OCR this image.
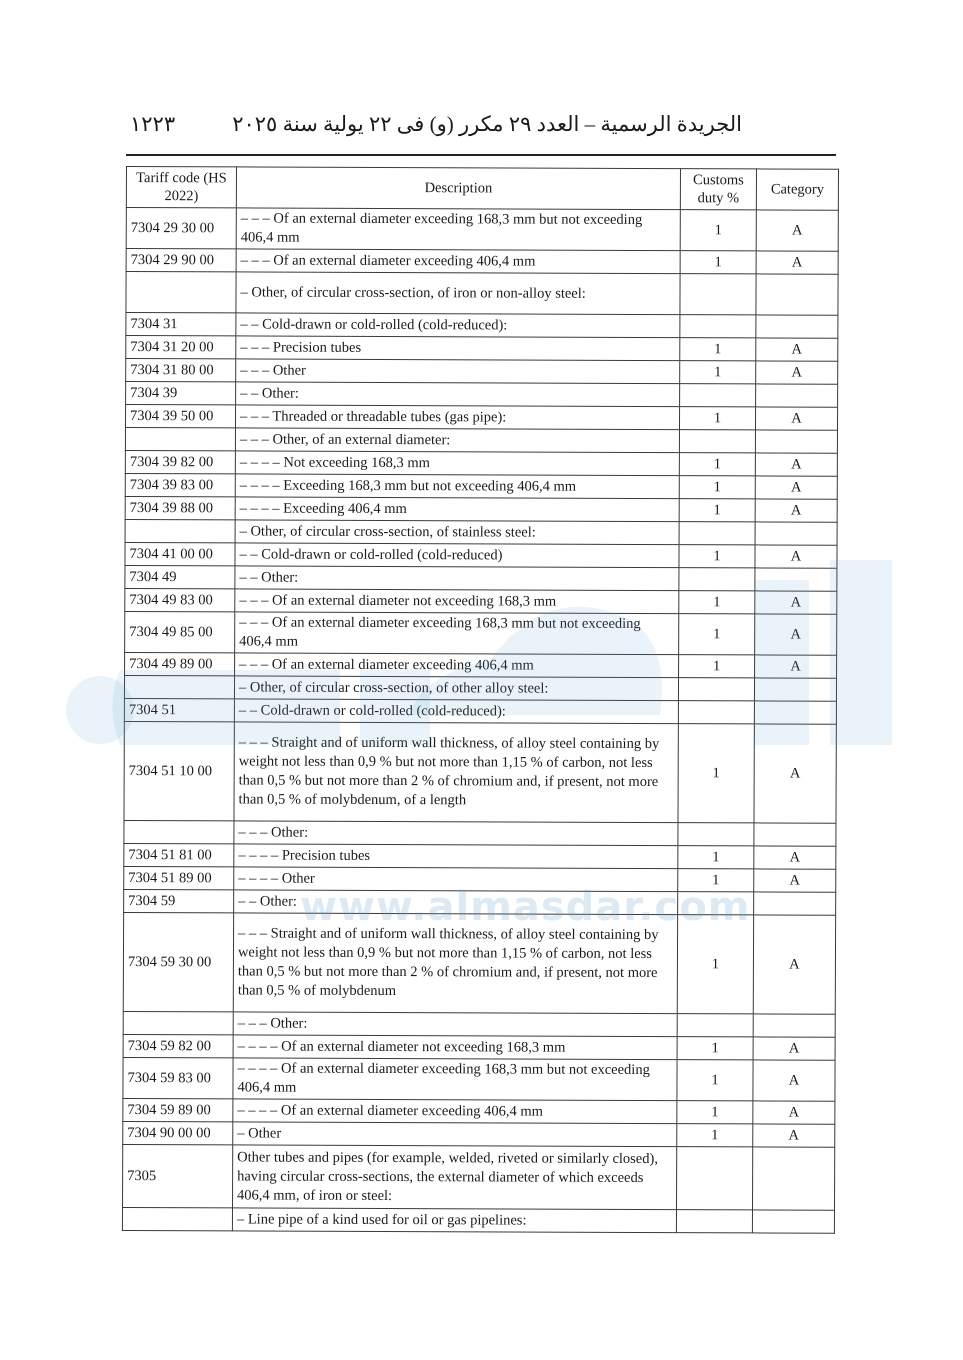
الجريدة الرسمية – العدد ٢٩ مكرر (و) فى ٢٢ يولية سنة ٢٠٢٥
١٢٢٣
Tariff code (HS 2022)	Description	Customs duty %	Category
7304 29 30 00	– – – Of an external diameter exceeding 168,3 mm but not exceeding 406,4 mm	1	A
7304 29 90 00	– – – Of an external diameter exceeding 406,4 mm	1	A
	– Other, of circular cross-section, of iron or non-alloy steel:		
7304 31	– – Cold-drawn or cold-rolled (cold-reduced):		
7304 31 20 00	– – – Precision tubes	1	A
7304 31 80 00	– – – Other	1	A
7304 39	– – Other:		
7304 39 50 00	– – – Threaded or threadable tubes (gas pipe):	1	A
	– – – Other, of an external diameter:		
7304 39 82 00	– – – – Not exceeding 168,3 mm	1	A
7304 39 83 00	– – – – Exceeding 168,3 mm but not exceeding 406,4 mm	1	A
7304 39 88 00	– – – – Exceeding 406,4 mm	1	A
	– Other, of circular cross-section, of stainless steel:		
7304 41 00 00	– – Cold-drawn or cold-rolled (cold-reduced)	1	A
7304 49	– – Other:		
7304 49 83 00	– – – Of an external diameter not exceeding 168,3 mm	1	A
7304 49 85 00	– – – Of an external diameter exceeding 168,3 mm but not exceeding 406,4 mm	1	A
7304 49 89 00	– – – Of an external diameter exceeding 406,4 mm	1	A
	– Other, of circular cross-section, of other alloy steel:		
7304 51	– – Cold-drawn or cold-rolled (cold-reduced):		
7304 51 10 00	– – – Straight and of uniform wall thickness, of alloy steel containing by weight not less than 0,9 % but not more than 1,15 % of carbon, not less than 0,5 % but not more than 2 % of chromium and, if present, not more than 0,5 % of molybdenum, of a length	1	A
	– – – Other:		
7304 51 81 00	– – – – Precision tubes	1	A
7304 51 89 00	– – – – Other	1	A
7304 59	– – Other:		
7304 59 30 00	– – – Straight and of uniform wall thickness, of alloy steel containing by weight not less than 0,9 % but not more than 1,15 % of carbon, not less than 0,5 % but not more than 2 % of chromium and, if present, not more than 0,5 % of molybdenum	1	A
	– – – Other:		
7304 59 82 00	– – – – Of an external diameter not exceeding 168,3 mm	1	A
7304 59 83 00	– – – – Of an external diameter exceeding 168,3 mm but not exceeding 406,4 mm	1	A
7304 59 89 00	– – – – Of an external diameter exceeding 406,4 mm	1	A
7304 90 00 00	– Other	1	A
7305	Other tubes and pipes (for example, welded, riveted or similarly closed), having circular cross-sections, the external diameter of which exceeds 406,4 mm, of iron or steel:		
	– Line pipe of a kind used for oil or gas pipelines:		
www.almasdar.com
